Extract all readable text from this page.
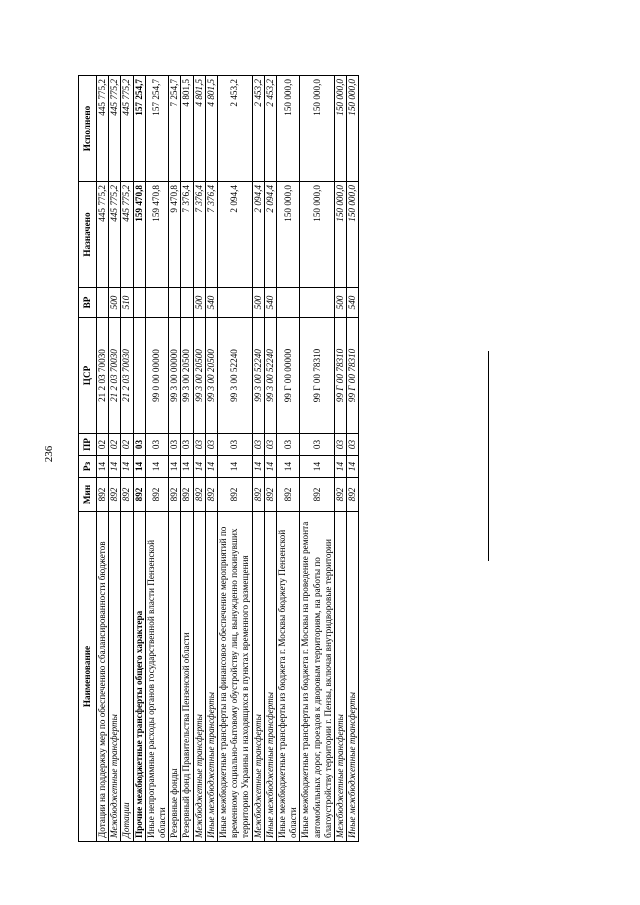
236
Наименование	Мин	Рз	ПР	ЦСР	ВР	Назначено	Исполнено
Дотации на поддержку мер по обеспечению сбалансированности бюджетов	892	14	02	21 2 03 70030		445 775,2	445 775,2
Межбюджетные трансферты	892	14	02	21 2 03 70030	500	445 775,2	445 775,2
Дотации	892	14	02	21 2 03 70030	510	445 775,2	445 775,2
Прочие межбюджетные трансферты общего характера	892	14	03			159 470,8	157 254,7
Иные непрограммные расходы органов государственной власти Пензенской области	892	14	03	99 0 00 00000		159 470,8	157 254,7
Резервные фонды	892	14	03	99 3 00 00000		9 470,8	7 254,7
Резервный фонд Правительства Пензенской области	892	14	03	99 3 00 20500		7 376,4	4 801,5
Межбюджетные трансферты	892	14	03	99 3 00 20500	500	7 376,4	4 801,5
Иные межбюджетные трансферты	892	14	03	99 3 00 20500	540	7 376,4	4 801,5
Иные межбюджетные трансферты на финансовое обеспечение мероприятий по временному социально-бытовому обустройству лиц, вынужденно покинувших территорию Украины и находящихся в пунктах временного размещения	892	14	03	99 3 00 52240		2 094,4	2 453,2
Межбюджетные трансферты	892	14	03	99 3 00 52240	500	2 094,4	2 453,2
Иные межбюджетные трансферты	892	14	03	99 3 00 52240	540	2 094,4	2 453,2
Иные межбюджетные трансферты из бюджета г. Москвы бюджету Пензенской области	892	14	03	99 Г 00 00000		150 000,0	150 000,0
Иные межбюджетные трансферты из бюджета г. Москвы на проведение ремонта автомобильных дорог, проездов к дворовым территориям, на работы по благоустройству территории г. Пензы, включая внутридворовые территории	892	14	03	99 Г 00 78310		150 000,0	150 000,0
Межбюджетные трансферты	892	14	03	99 Г 00 78310	500	150 000,0	150 000,0
Иные межбюджетные трансферты	892	14	03	99 Г 00 78310	540	150 000,0	150 000,0
